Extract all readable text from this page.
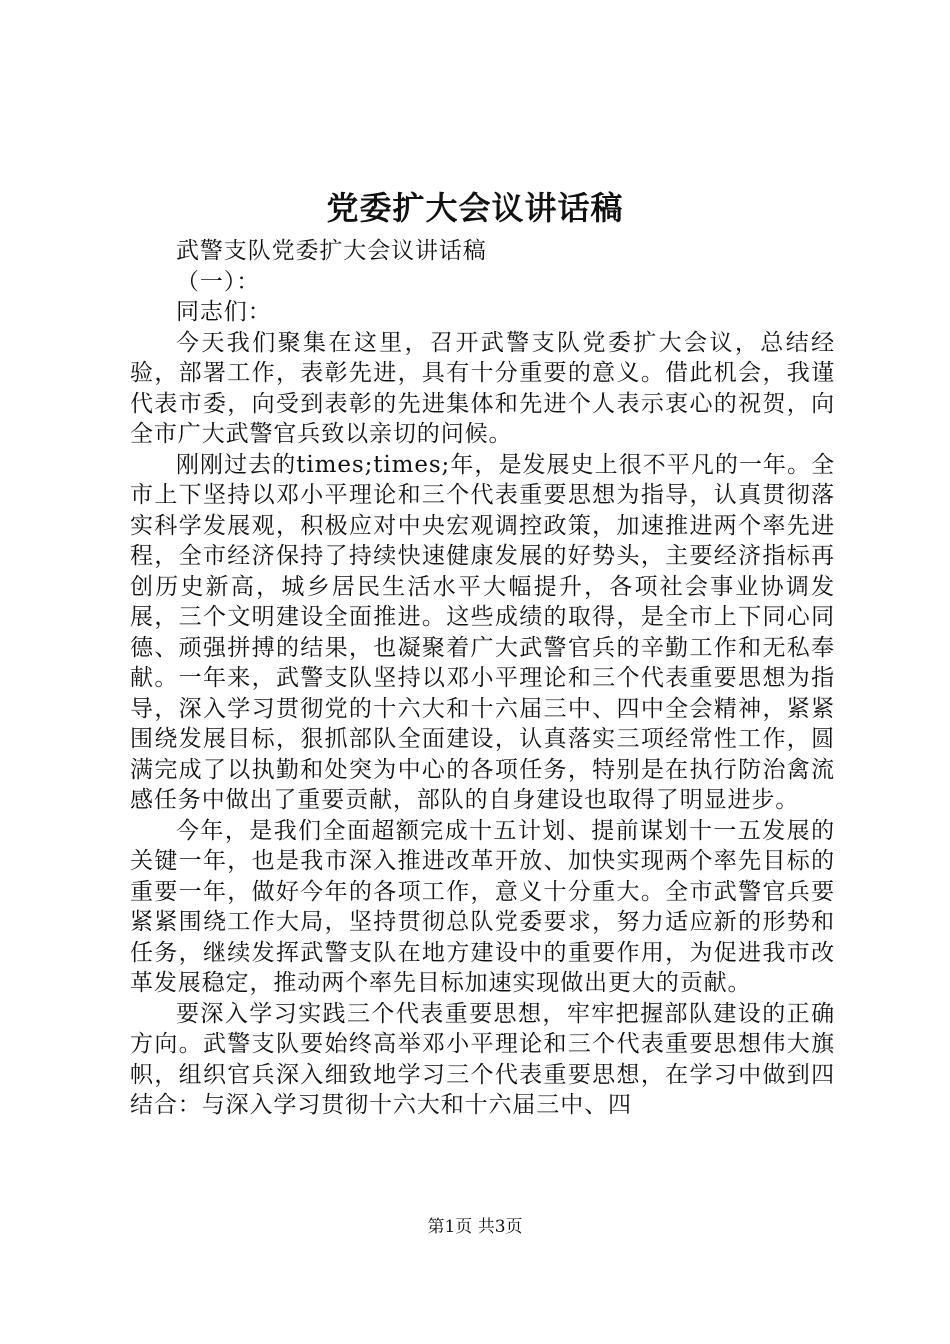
党委扩大会议讲话稿

武警支队党委扩大会议讲话稿

（一）：

同志们：

今天我们聚集在这里，召开武警支队党委扩大会议，总结经验，部署工作，表彰先进，具有十分重要的意义。借此机会，我谨代表市委，向受到表彰的先进集体和先进个人表示衷心的祝贺，向全市广大武警官兵致以亲切的问候。

刚刚过去的times;times;年，是发展史上很不平凡的一年。全市上下坚持以邓小平理论和三个代表重要思想为指导，认真贯彻落实科学发展观，积极应对中央宏观调控政策，加速推进两个率先进程，全市经济保持了持续快速健康发展的好势头，主要经济指标再创历史新高，城乡居民生活水平大幅提升，各项社会事业协调发展，三个文明建设全面推进。这些成绩的取得，是全市上下同心同德、顽强拼搏的结果，也凝聚着广大武警官兵的辛勤工作和无私奉献。一年来，武警支队坚持以邓小平理论和三个代表重要思想为指导，深入学习贯彻党的十六大和十六届三中、四中全会精神，紧紧围绕发展目标，狠抓部队全面建设，认真落实三项经常性工作，圆满完成了以执勤和处突为中心的各项任务，特别是在执行防治禽流感任务中做出了重要贡献，部队的自身建设也取得了明显进步。

今年，是我们全面超额完成十五计划、提前谋划十一五发展的关键一年，也是我市深入推进改革开放、加快实现两个率先目标的重要一年，做好今年的各项工作，意义十分重大。全市武警官兵要紧紧围绕工作大局，坚持贯彻总队党委要求，努力适应新的形势和任务，继续发挥武警支队在地方建设中的重要作用，为促进我市改革发展稳定，推动两个率先目标加速实现做出更大的贡献。

要深入学习实践三个代表重要思想，牢牢把握部队建设的正确方向。武警支队要始终高举邓小平理论和三个代表重要思想伟大旗帜，组织官兵深入细致地学习三个代表重要思想，在学习中做到四结合：与深入学习贯彻十六大和十六届三中、四

第1页 共3页
